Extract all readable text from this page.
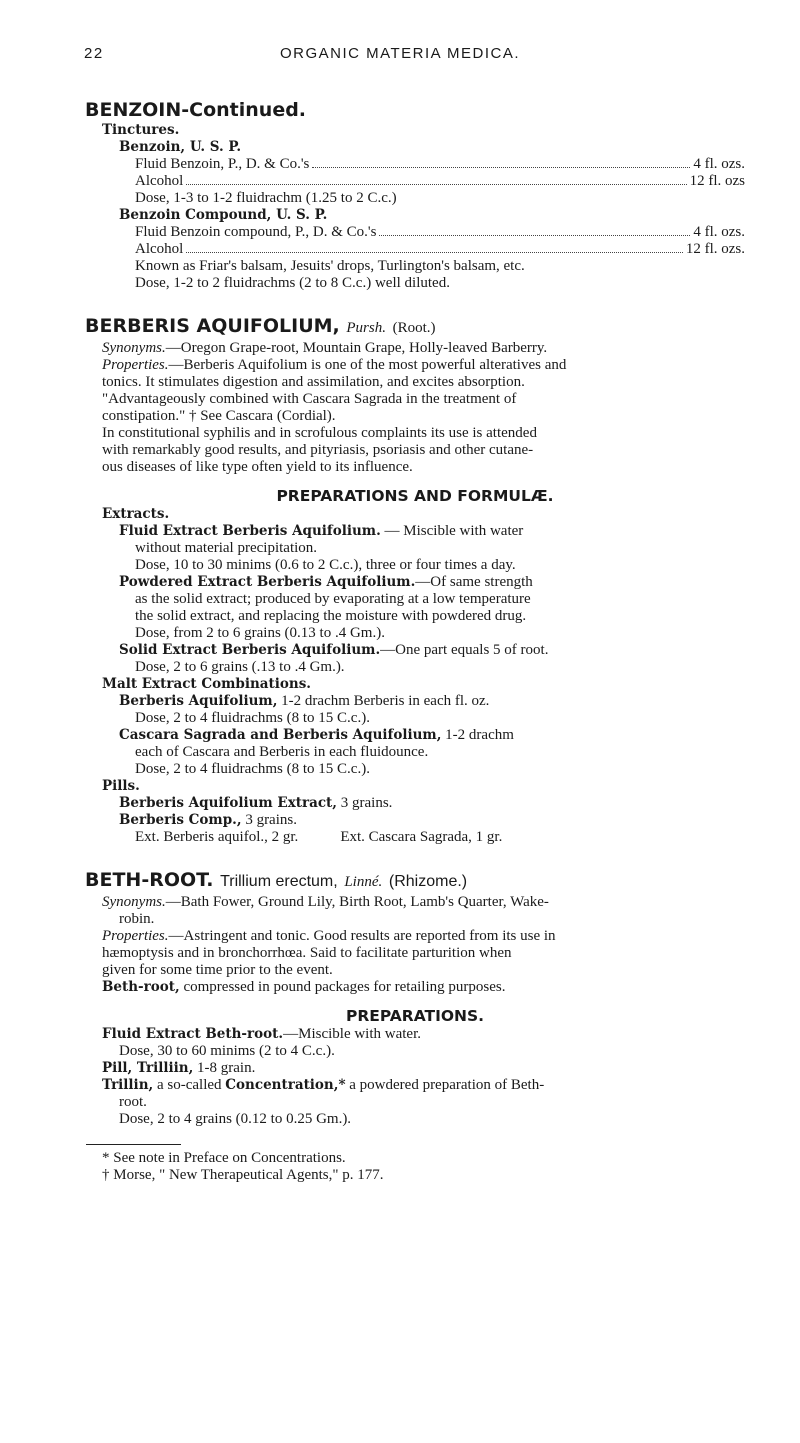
22	ORGANIC MATERIA MEDICA.
BENZOIN-Continued.
Tinctures.
Benzoin, U. S. P.
Fluid Benzoin, P., D. & Co.'s	4 fl. ozs.
Alcohol	12 fl. ozs
Dose, 1-3 to 1-2 fluidrachm (1.25 to 2 C.c.)
Benzoin Compound, U. S. P.
Fluid Benzoin compound, P., D. & Co.'s	4 fl. ozs.
Alcohol	12 fl. ozs.
Known as Friar's balsam, Jesuits' drops, Turlington's balsam, etc.
Dose, 1-2 to 2 fluidrachms (2 to 8 C.c.) well diluted.
BERBERIS AQUIFOLIUM, Pursh. (Root.)
Synonyms.—Oregon Grape-root, Mountain Grape, Holly-leaved Barberry.
Properties.—Berberis Aquifolium is one of the most powerful alteratives and
tonics. It stimulates digestion and assimilation, and excites absorption.
"Advantageously combined with Cascara Sagrada in the treatment of
constipation." † See Cascara (Cordial).
In constitutional syphilis and in scrofulous complaints its use is attended
with remarkably good results, and pityriasis, psoriasis and other cutane-
ous diseases of like type often yield to its influence.
PREPARATIONS AND FORMULÆ.
Extracts.
Fluid Extract Berberis Aquifolium. — Miscible with water
without material precipitation.
Dose, 10 to 30 minims (0.6 to 2 C.c.), three or four times a day.
Powdered Extract Berberis Aquifolium.—Of same strength
as the solid extract; produced by evaporating at a low temperature
the solid extract, and replacing the moisture with powdered drug.
Dose, from 2 to 6 grains (0.13 to .4 Gm.).
Solid Extract Berberis Aquifolium.—One part equals 5 of root.
Dose, 2 to 6 grains (.13 to .4 Gm.).
Malt Extract Combinations.
Berberis Aquifolium, 1-2 drachm Berberis in each fl. oz.
Dose, 2 to 4 fluidrachms (8 to 15 C.c.).
Cascara Sagrada and Berberis Aquifolium, 1-2 drachm
each of Cascara and Berberis in each fluidounce.
Dose, 2 to 4 fluidrachms (8 to 15 C.c.).
Pills.
Berberis Aquifolium Extract, 3 grains.
Berberis Comp., 3 grains.
Ext. Berberis aquifol., 2 gr.	Ext. Cascara Sagrada, 1 gr.
BETH-ROOT. Trillium erectum, Linné. (Rhizome.)
Synonyms.—Bath Fower, Ground Lily, Birth Root, Lamb's Quarter, Wake-
robin.
Properties.—Astringent and tonic. Good results are reported from its use in
hæmoptysis and in bronchorrhœa. Said to facilitate parturition when
given for some time prior to the event.
Beth-root, compressed in pound packages for retailing purposes.
PREPARATIONS.
Fluid Extract Beth-root.—Miscible with water.
Dose, 30 to 60 minims (2 to 4 C.c.).
Pill, Trilliin, 1-8 grain.
Trillin, a so-called Concentration,* a powdered preparation of Beth-
root.
Dose, 2 to 4 grains (0.12 to 0.25 Gm.).
* See note in Preface on Concentrations.
† Morse, " New Therapeutical Agents," p. 177.
